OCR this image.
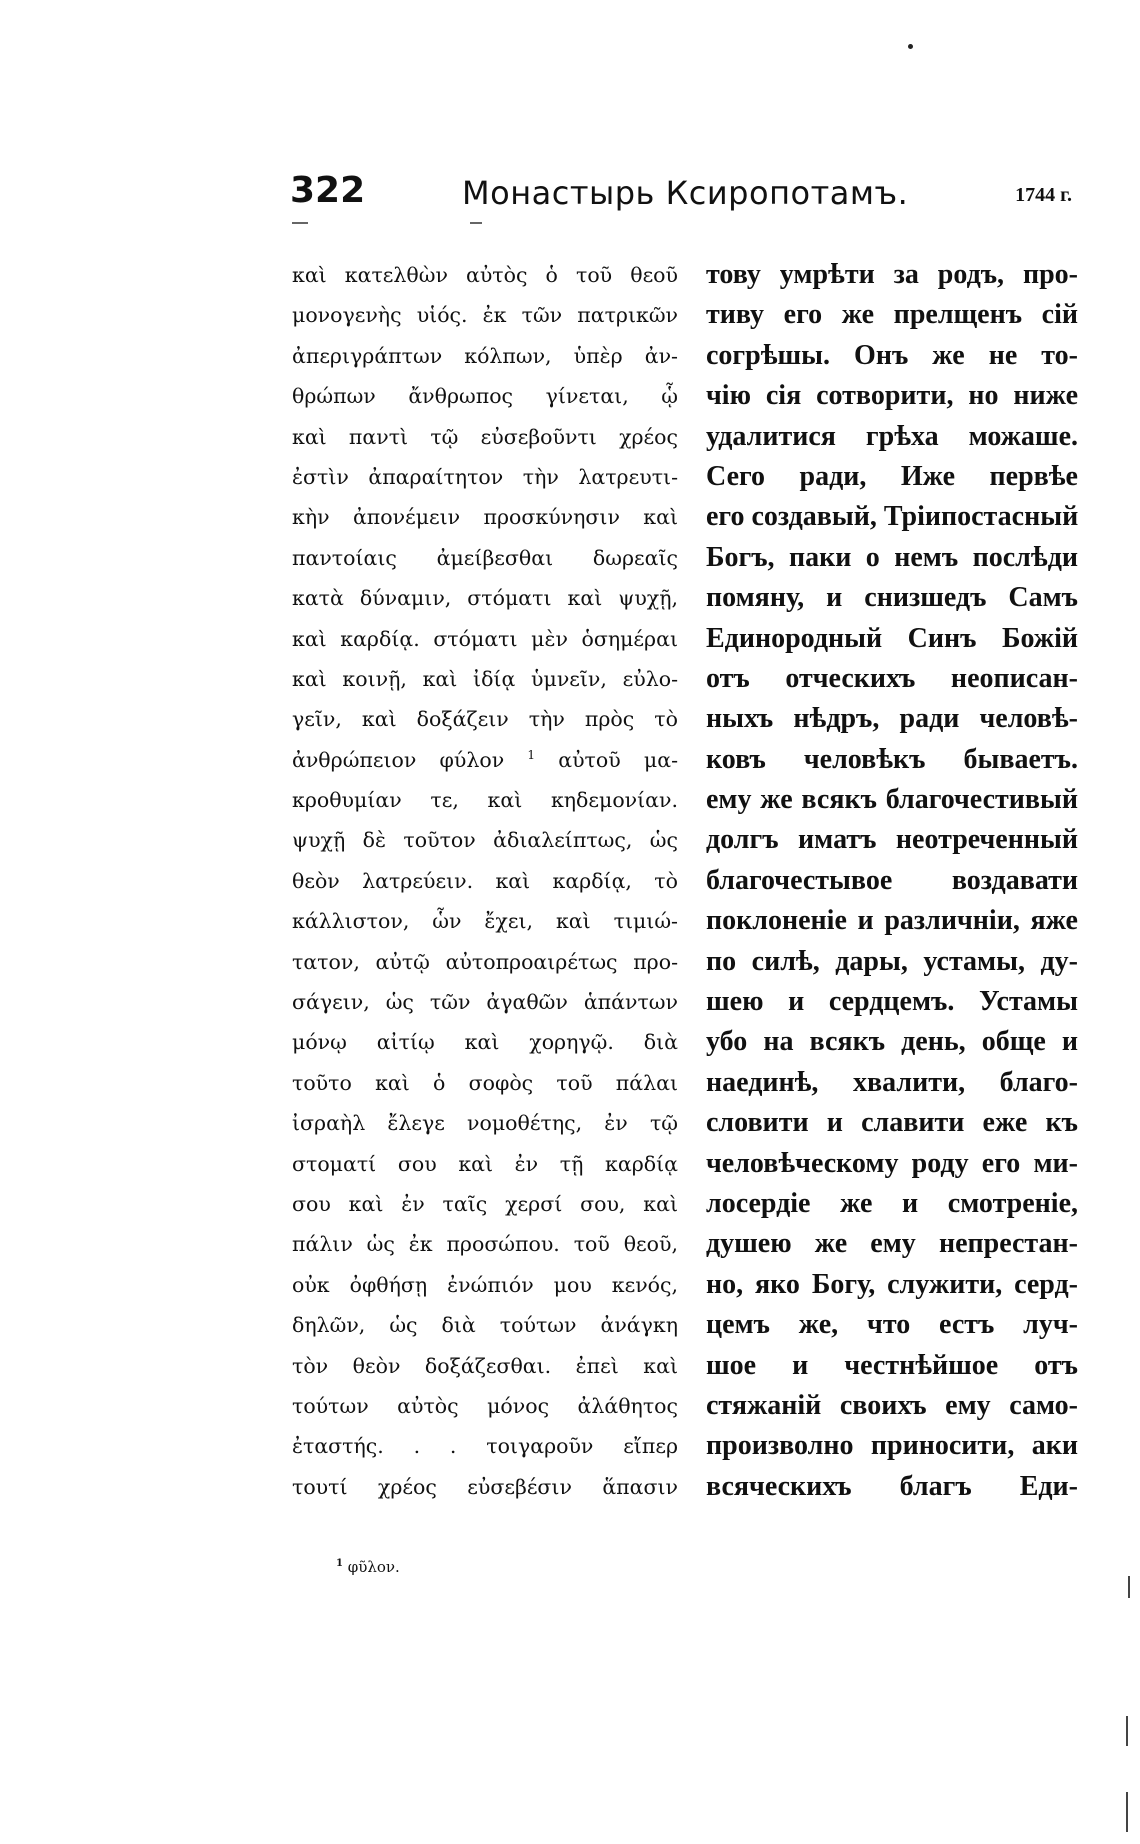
322	Монастырь Ксиропотамъ.	1744 г.
καὶ κατελθὼν αὐτὸς ὁ τοῦ θεοῦ
μονογενὴς υἱός. ἐκ τῶν πατρικῶν
ἀπεριγράπτων κόλπων, ὑπὲρ ἀν-
θρώπων ἄνθρωπος γίνεται, ᾧ
καὶ παντὶ τῷ εὐσεβοῦντι χρέος
ἐστὶν ἀπαραίτητον τὴν λατρευτι-
κὴν ἀπονέμειν προσκύνησιν καὶ
παντοίαις ἀμείβεσθαι δωρεαῖς
κατὰ δύναμιν, στόματι καὶ ψυχῇ,
καὶ καρδίᾳ. στόματι μὲν ὁσημέραι
καὶ κοινῇ, καὶ ἰδίᾳ ὑμνεῖν, εὐλο-
γεῖν, καὶ δοξάζειν τὴν πρὸς τὸ
ἀνθρώπειον φύλον $^1$ αὐτοῦ μα-
κροθυμίαν τε, καὶ κηδεμονίαν.
ψυχῇ δὲ τοῦτον ἀδιαλείπτως, ὡς
θεὸν λατρεύειν. καὶ καρδίᾳ, τὸ
κάλλιστον, ὧν ἔχει, καὶ τιμιώ-
τατον, αὐτῷ αὐτοπροαιρέτως προ-
σάγειν, ὡς τῶν ἀγαθῶν ἁπάντων
μόνῳ αἰτίῳ καὶ χορηγῷ. διὰ
τοῦτο καὶ ὁ σοφὸς τοῦ πάλαι
ἰσραὴλ ἔλεγε νομοθέτης, ἐν τῷ
στοματί σου καὶ ἐν τῇ καρδίᾳ
σου καὶ ἐν ταῖς χερσί σου, καὶ
πάλιν ὡς ἐκ προσώπου. τοῦ θεοῦ,
οὐκ ὀφθήσῃ ἐνώπιόν μου κενός,
δηλῶν, ὡς διὰ τούτων ἀνάγκη
τὸν θεὸν δοξάζεσθαι. ἐπεὶ καὶ
τούτων αὐτὸς μόνος ἀλάθητος
ἐταστής. . . τοιγαροῦν εἴπερ
τουτί χρέος εὐσεβέσιν ἅπασιν
тову умрѣти за родъ, про-
тиву его же прелщенъ сій
согрѣшы. Онъ же не то-
чію сія сотворити, но ниже
удалитися грѣха можаше.
Сего ради, Иже первѣе
его создавый, Тріипостасный
Богъ, паки о немъ послѣди
помяну, и снизшедъ Самъ
Единородный Синъ Божій
отъ отческихъ неописан-
ныхъ нѣдръ, ради человѣ-
ковъ человѣкъ бываетъ.
ему же всякъ благочестивый
долгъ иматъ неотреченный
благочестывое воздавати
поклоненіе и различніи, яже
по силѣ, дары, устамы, ду-
шею и сердцемъ. Устамы
убо на всякъ день, обще и
наединѣ, хвалити, благо-
словити и славити еже къ
человѣческому роду его ми-
лосердіе же и смотреніе,
душею же ему непрестан-
но, яко Богу, служити, серд-
цемъ же, что естъ луч-
шое и честнѣйшое отъ
стяжаній своихъ ему само-
произволно приносити, аки
всяческихъ благъ Еди-
$^1$ φῦλον.
